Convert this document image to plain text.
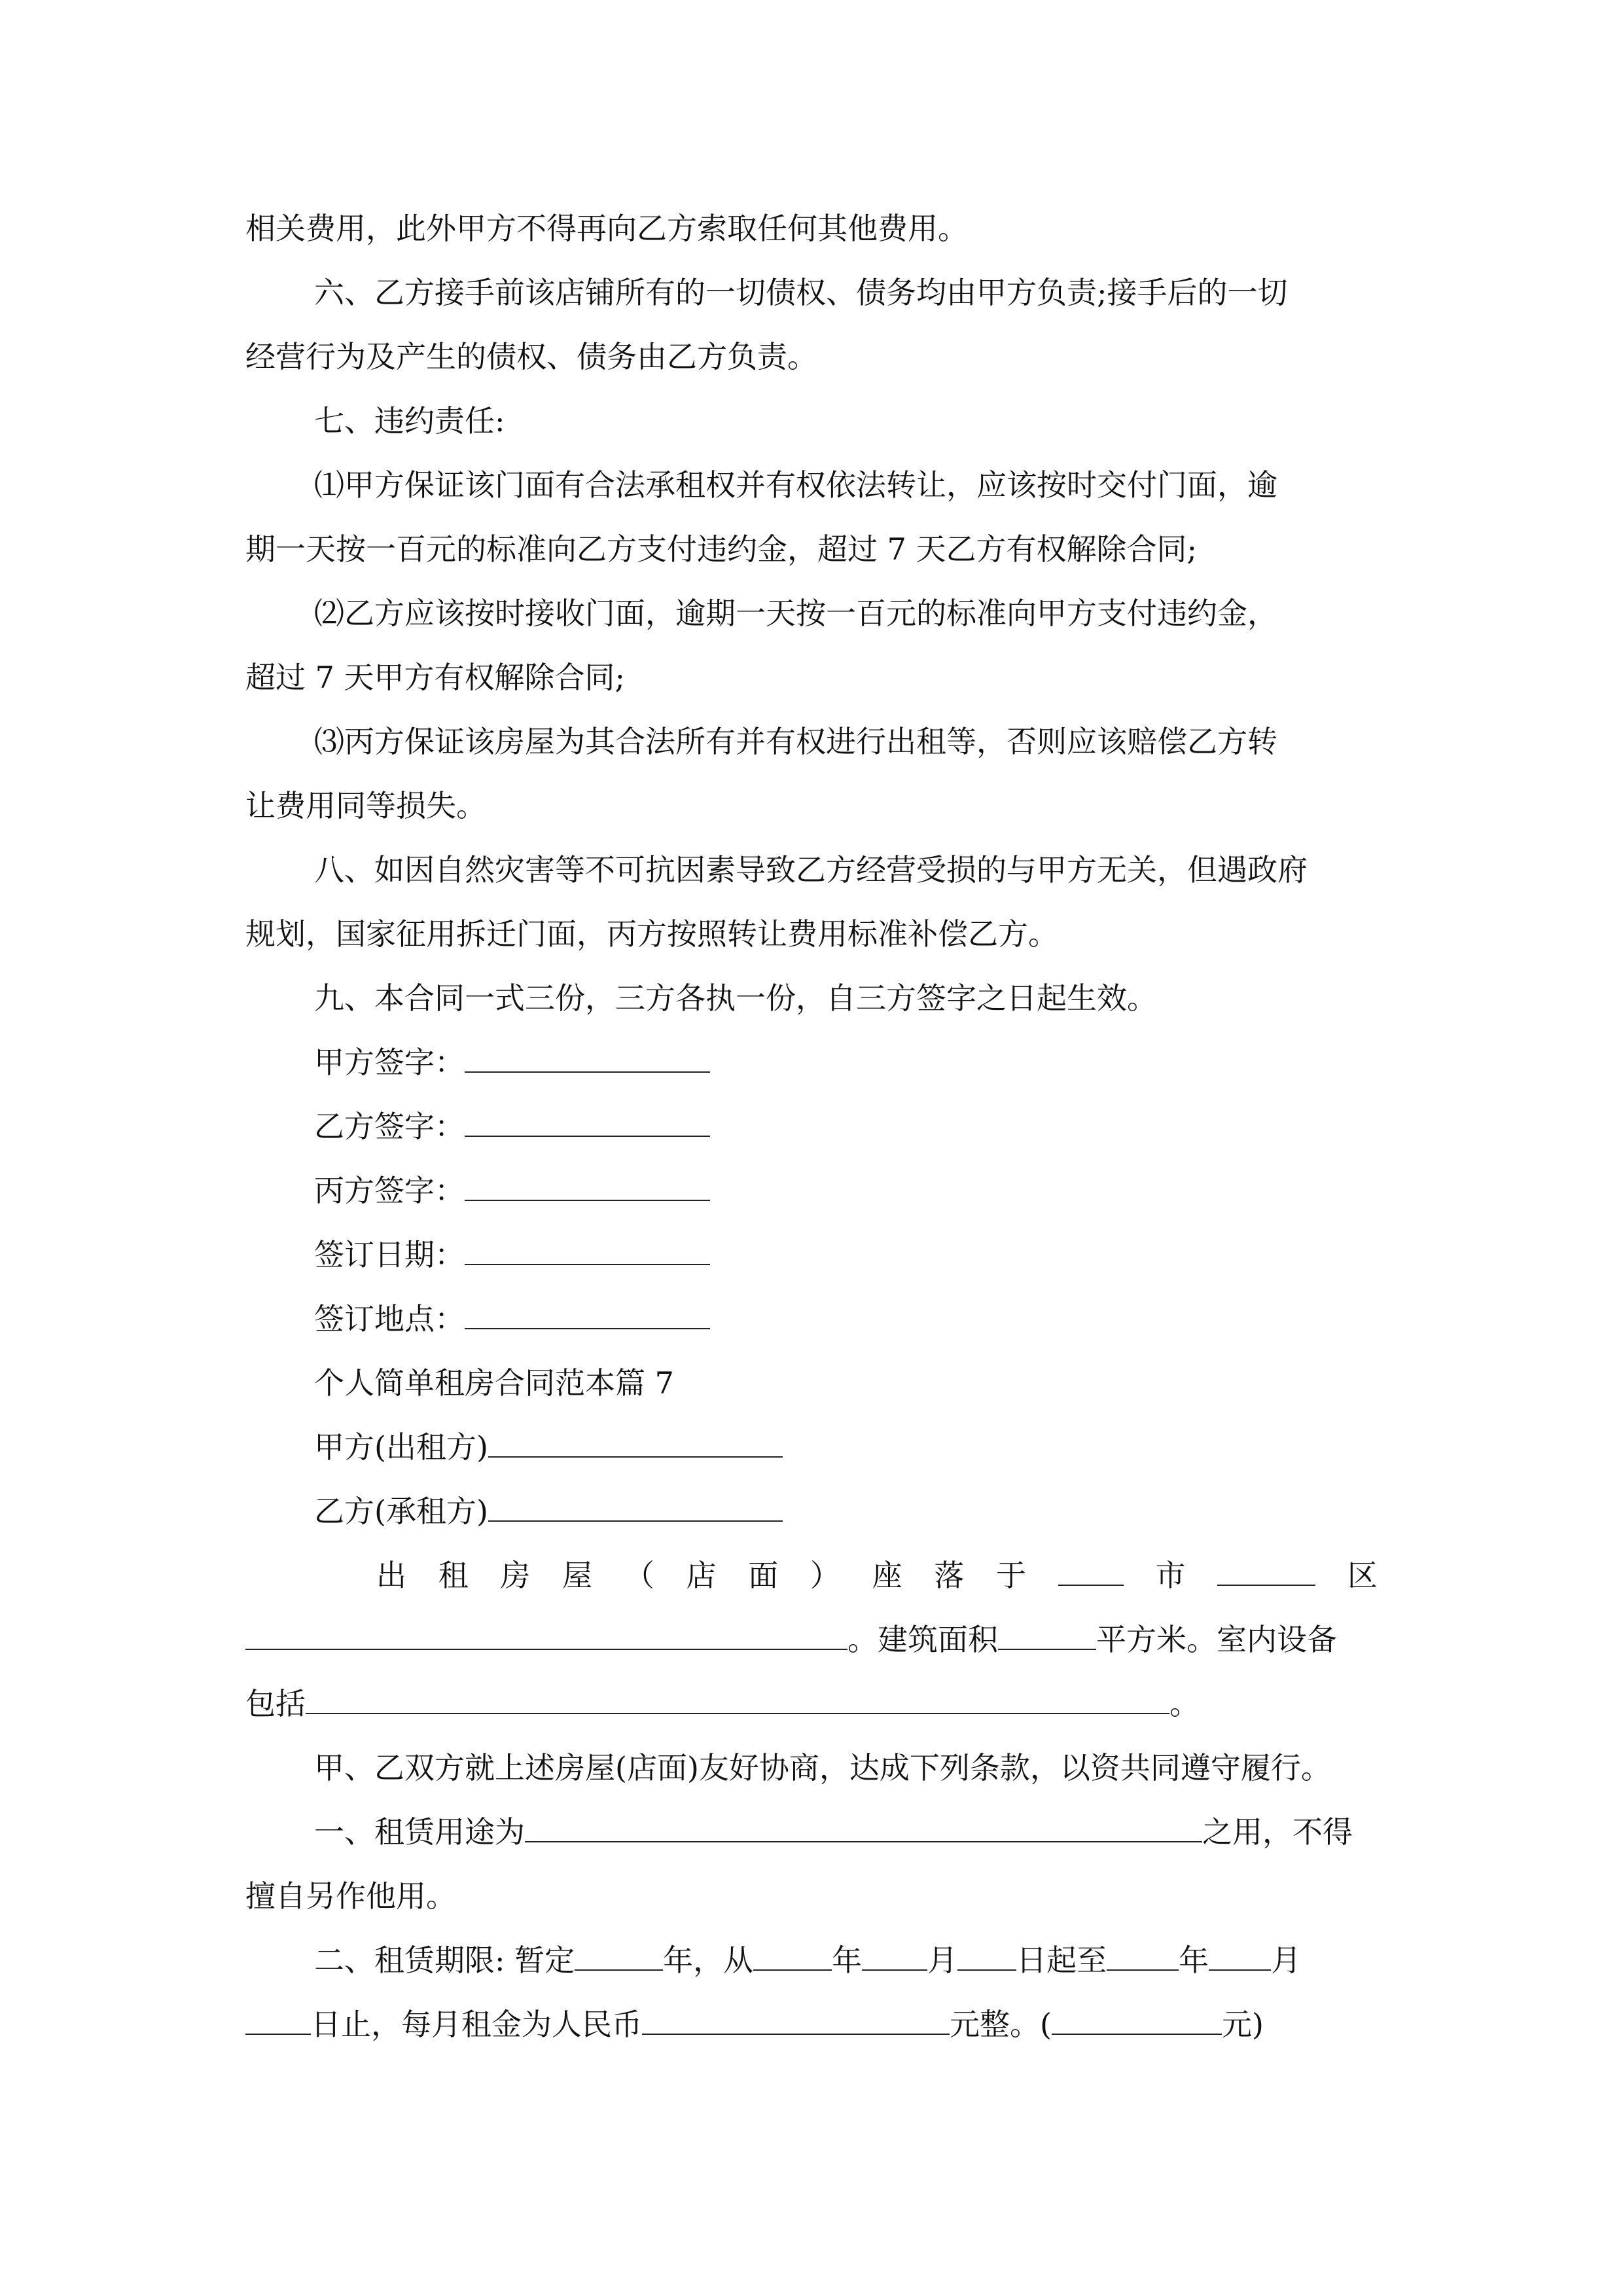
相关费用，此外甲方不得再向乙方索取任何其他费用。

六、乙方接手前该店铺所有的一切债权、债务均由甲方负责;接手后的一切

经营行为及产生的债权、债务由乙方负责。

七、违约责任:

⑴甲方保证该门面有合法承租权并有权依法转让，应该按时交付门面，逾

期一天按一百元的标准向乙方支付违约金，超过 7 天乙方有权解除合同;

⑵乙方应该按时接收门面，逾期一天按一百元的标准向甲方支付违约金，

超过 7 天甲方有权解除合同;

⑶丙方保证该房屋为其合法所有并有权进行出租等，否则应该赔偿乙方转

让费用同等损失。

八、如因自然灾害等不可抗因素导致乙方经营受损的与甲方无关，但遇政府

规划，国家征用拆迁门面，丙方按照转让费用标准补偿乙方。

九、本合同一式三份，三方各执一份，自三方签字之日起生效。

甲方签字：
乙方签字：
丙方签字：
签订日期：
签订地点：

个人简单租房合同范本篇 7

甲方(出租方)
乙方(承租方)
出 租 房 屋 （ 店 面 ） 座 落 于	市	区
。建筑面积	平方米。室内设备
包括	。

甲、乙双方就上述房屋(店面)友好协商，达成下列条款，以资共同遵守履行。

一、租赁用途为	之用，不得

擅自另作他用。

二、租赁期限: 暂定	年，从	年 月 日起至 年 月
日止，每月租金为人民币	元整。(	元)
